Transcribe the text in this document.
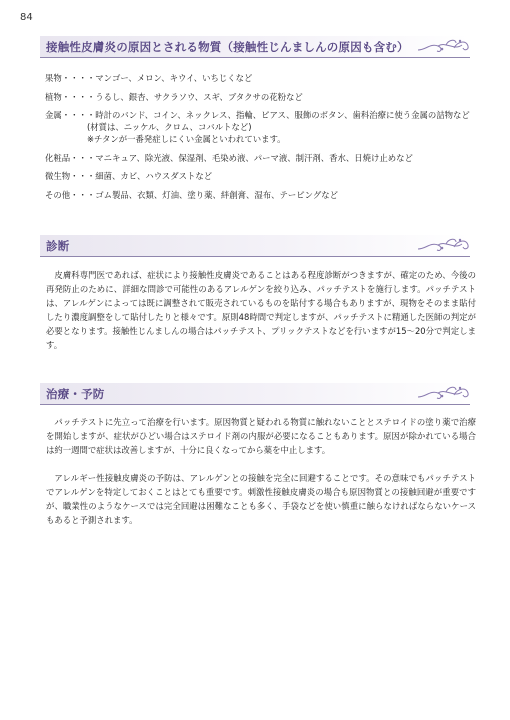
84
接触性皮膚炎の原因とされる物質（接触性じんましんの原因も含む）
果物・・・・マンゴー、メロン、キウイ、いちじくなど
植物・・・・うるし、銀杏、サクラソウ、スギ、ブタクサの花粉など
金属・・・・時計のバンド、コイン、ネックレス、指輪、ピアス、服飾のボタン、歯科治療に使う金属の詰物など
(材質は、ニッケル、クロム、コバルトなど)
※チタンが一番発症しにくい金属といわれています。
化粧品・・・マニキュア、除光液、保湿剤、毛染め液、パーマ液、制汗剤、香水、日焼け止めなど
微生物・・・細菌、カビ、ハウスダストなど
その他・・・ゴム製品、衣類、灯油、塗り薬、絆創膏、湿布、テーピングなど
診断

皮膚科専門医であれば、症状により接触性皮膚炎であることはある程度診断がつきますが、確定のため、今後の再発防止のために、詳細な問診で可能性のあるアレルゲンを絞り込み、パッチテストを施行します。パッチテストは、アレルゲンによっては既に調整されて販売されているものを貼付する場合もありますが、現物をそのまま貼付したり濃度調整をして貼付したりと様々です。原則48時間で判定しますが、パッチテストに精通した医師の判定が必要となります。接触性じんましんの場合はパッチテスト、プリックテストなどを行いますが15〜20分で判定します。

治療・予防

パッチテストに先立って治療を行います。原因物質と疑われる物質に触れないこととステロイドの塗り薬で治療を開始しますが、症状がひどい場合はステロイド剤の内服が必要になることもあります。原因が除かれている場合は約一週間で症状は改善しますが、十分に良くなってから薬を中止します。

アレルギー性接触皮膚炎の予防は、アレルゲンとの接触を完全に回避することです。その意味でもパッチテストでアレルゲンを特定しておくことはとても重要です。刺激性接触皮膚炎の場合も原因物質との接触回避が重要ですが、職業性のようなケースでは完全回避は困難なことも多く、手袋などを使い慎重に触らなければならないケースもあると予測されます。
